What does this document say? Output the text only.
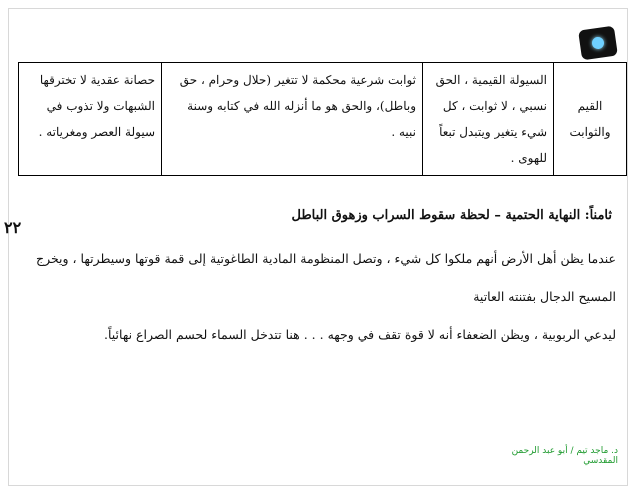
القيم والثوابت	السيولة القيمية ، الحق نسبي ، لا ثوابت ، كل شيء يتغير ويتبدل تبعاً للهوى .	ثوابت شرعية محكمة لا تتغير (حلال وحرام ، حق وباطل)، والحق هو ما أنزله الله في كتابه وسنة نبيه .	حصانة عقدية لا تخترقها الشبهات ولا تذوب في سيولة العصر ومغرياته .
٢٢
ثامناً: النهاية الحتمية – لحظة سقوط السراب وزهوق الباطل

عندما يظن أهل الأرض أنهم ملكوا كل شيء ، وتصل المنظومة المادية الطاغوتية إلى قمة قوتها وسيطرتها ، ويخرج المسيح الدجال بفتنته العاتية

ليدعي الربوبية ، ويظن الضعفاء أنه لا قوة تقف في وجهه . . . هنا تتدخل السماء لحسم الصراع نهائياً.

د. ماجد تيم / أبو عبد الرحمن المقدسي
